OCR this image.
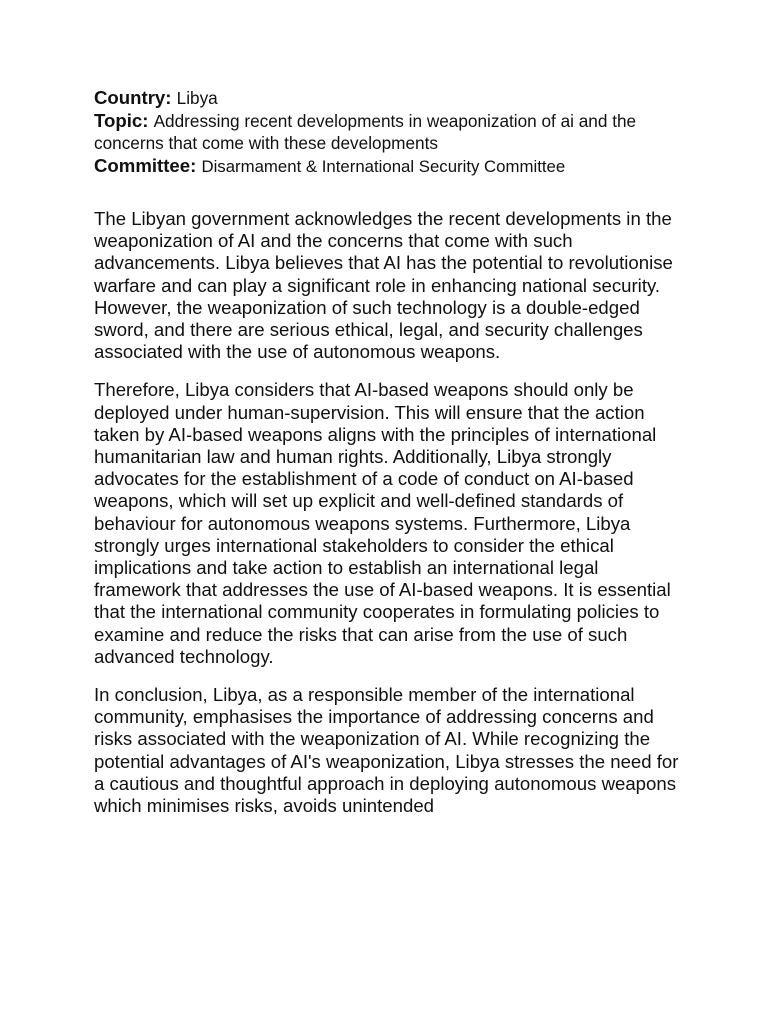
Country: Libya

Topic: Addressing recent developments in weaponization of ai and the concerns that come with these developments

Committee: Disarmament & International Security Committee

The Libyan government acknowledges the recent developments in the weaponization of AI and the concerns that come with such advancements. Libya believes that AI has the potential to revolutionise warfare and can play a significant role in enhancing national security. However, the weaponization of such technology is a double-edged sword, and there are serious ethical, legal, and security challenges associated with the use of autonomous weapons.

Therefore, Libya considers that AI-based weapons should only be deployed under human-supervision. This will ensure that the action taken by AI-based weapons aligns with the principles of international humanitarian law and human rights. Additionally, Libya strongly advocates for the establishment of a code of conduct on AI-based weapons, which will set up explicit and well-defined standards of behaviour for autonomous weapons systems. Furthermore, Libya strongly urges international stakeholders to consider the ethical implications and take action to establish an international legal framework that addresses the use of AI-based weapons. It is essential that the international community cooperates in formulating policies to examine and reduce the risks that can arise from the use of such advanced technology.

In conclusion, Libya, as a responsible member of the international community, emphasises the importance of addressing concerns and risks associated with the weaponization of AI. While recognizing the potential advantages of AI's weaponization, Libya stresses the need for a cautious and thoughtful approach in deploying autonomous weapons which minimises risks, avoids unintended
